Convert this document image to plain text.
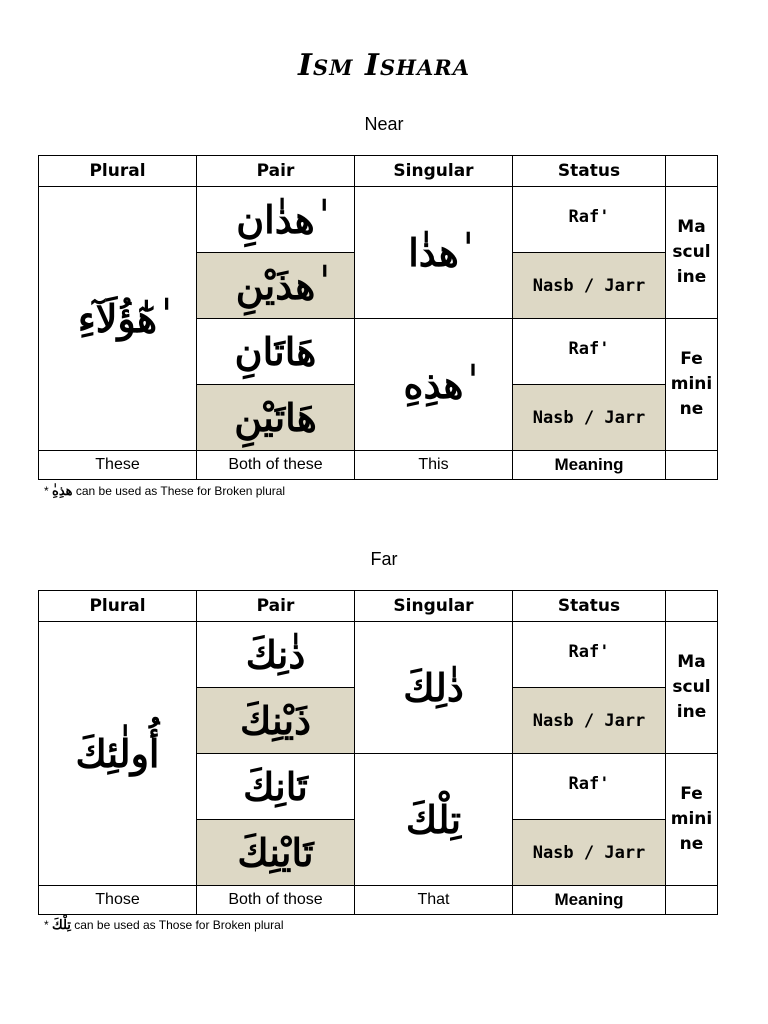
Ism Ishara
Near
Plural	Pair	Singular	Status	
ٰهٰٓؤُلَآءِ	ٰهذٰانِ	ٰهذٰا	Raf'	Ma
scul
ine

	ٰهذَيْنِ		Nasb / Jarr	
	هَاتَانِ	ٰهذِهِ	Raf'	Fe
mini
ne

	هَاتَيْنِ		Nasb / Jarr	
These	Both of these	This	Meaning	
* ٰهذِهِ can be used as These for Broken plural
Far
Plural	Pair	Singular	Status	
أُولٰئِكَ	ذٰنِكَ	ذٰلِكَ	Raf'	Ma
scul
ine

	ذَيْنِكَ		Nasb / Jarr	
	تَانِكَ	تِلْكَ	Raf'	Fe
mini
ne

	تَايْنِكَ		Nasb / Jarr	
Those	Both of those	That	Meaning	
* تِلْكَ can be used as Those for Broken plural
